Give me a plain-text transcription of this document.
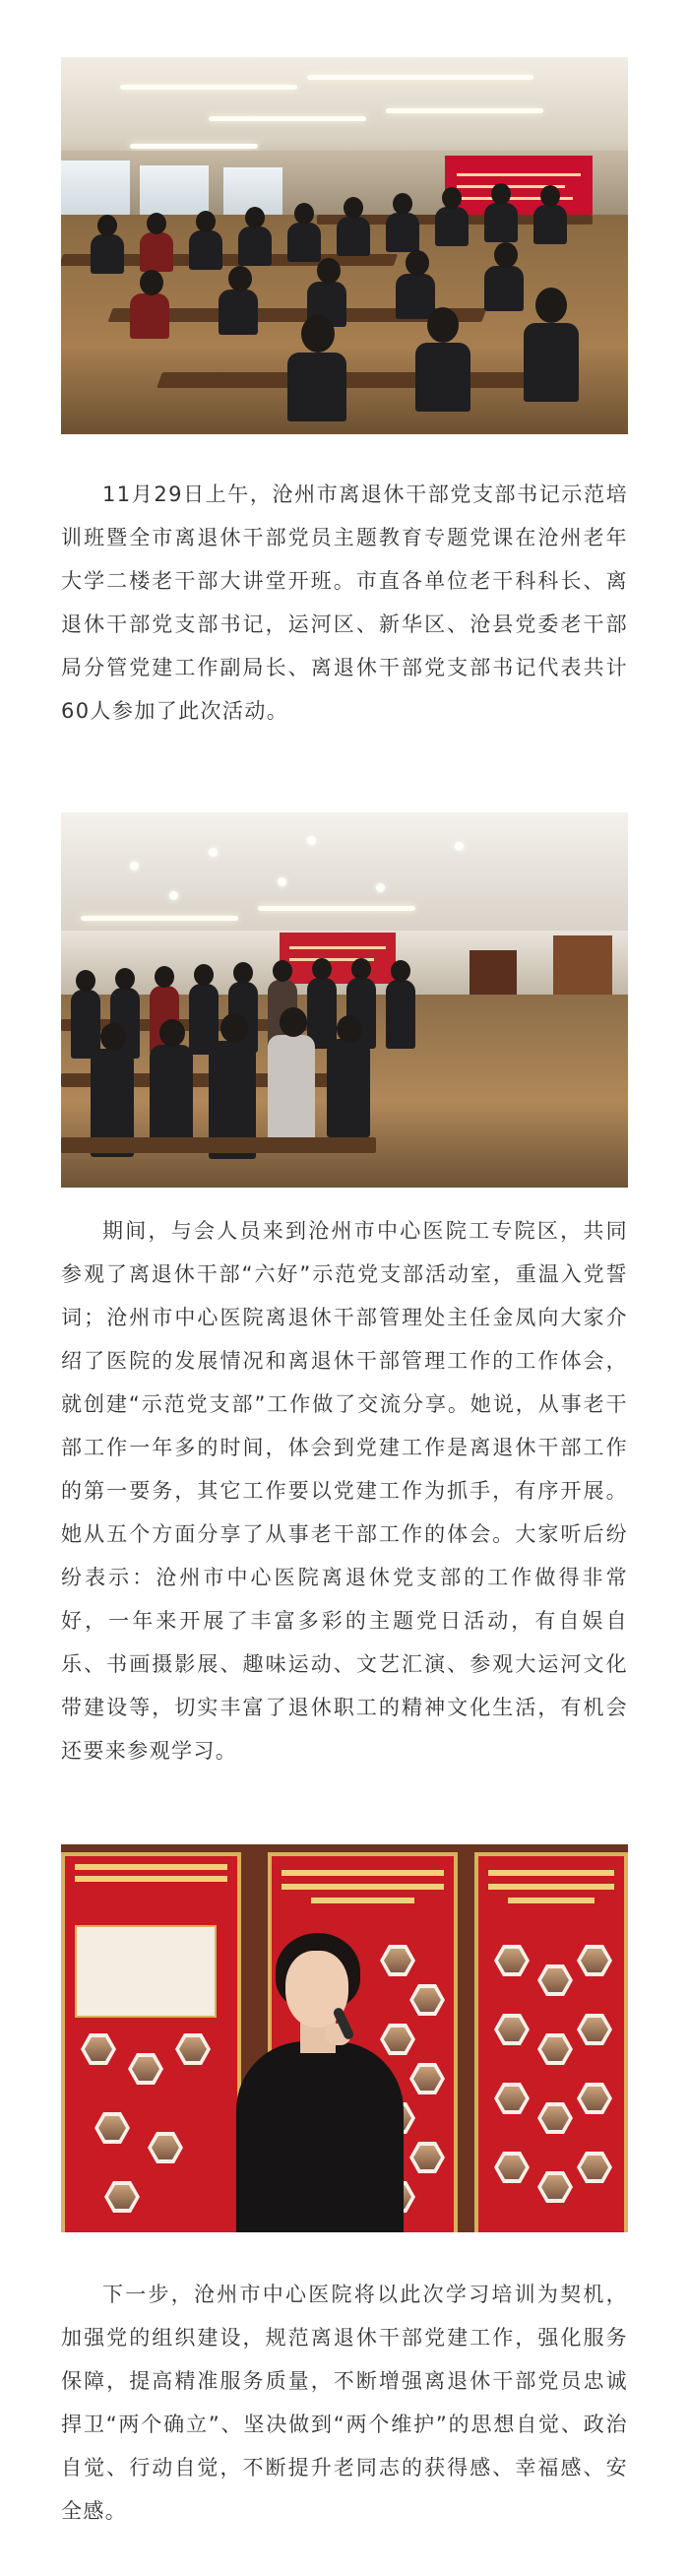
11月29日上午，沧州市离退休干部党支部书记示范培训班暨全市离退休干部党员主题教育专题党课在沧州老年大学二楼老干部大讲堂开班。市直各单位老干科科长、离退休干部党支部书记，运河区、新华区、沧县党委老干部局分管党建工作副局长、离退休干部党支部书记代表共计60人参加了此次活动。

期间，与会人员来到沧州市中心医院工专院区，共同参观了离退休干部“六好”示范党支部活动室，重温入党誓词；沧州市中心医院离退休干部管理处主任金凤向大家介绍了医院的发展情况和离退休干部管理工作的工作体会，就创建“示范党支部”工作做了交流分享。她说，从事老干部工作一年多的时间，体会到党建工作是离退休干部工作的第一要务，其它工作要以党建工作为抓手，有序开展。她从五个方面分享了从事老干部工作的体会。大家听后纷纷表示：沧州市中心医院离退休党支部的工作做得非常好，一年来开展了丰富多彩的主题党日活动，有自娱自乐、书画摄影展、趣味运动、文艺汇演、参观大运河文化带建设等，切实丰富了退休职工的精神文化生活，有机会还要来参观学习。

下一步，沧州市中心医院将以此次学习培训为契机，加强党的组织建设，规范离退休干部党建工作，强化服务保障，提高精准服务质量，不断增强离退休干部党员忠诚捍卫“两个确立”、坚决做到“两个维护”的思想自觉、政治自觉、行动自觉，不断提升老同志的获得感、幸福感、安全感。
